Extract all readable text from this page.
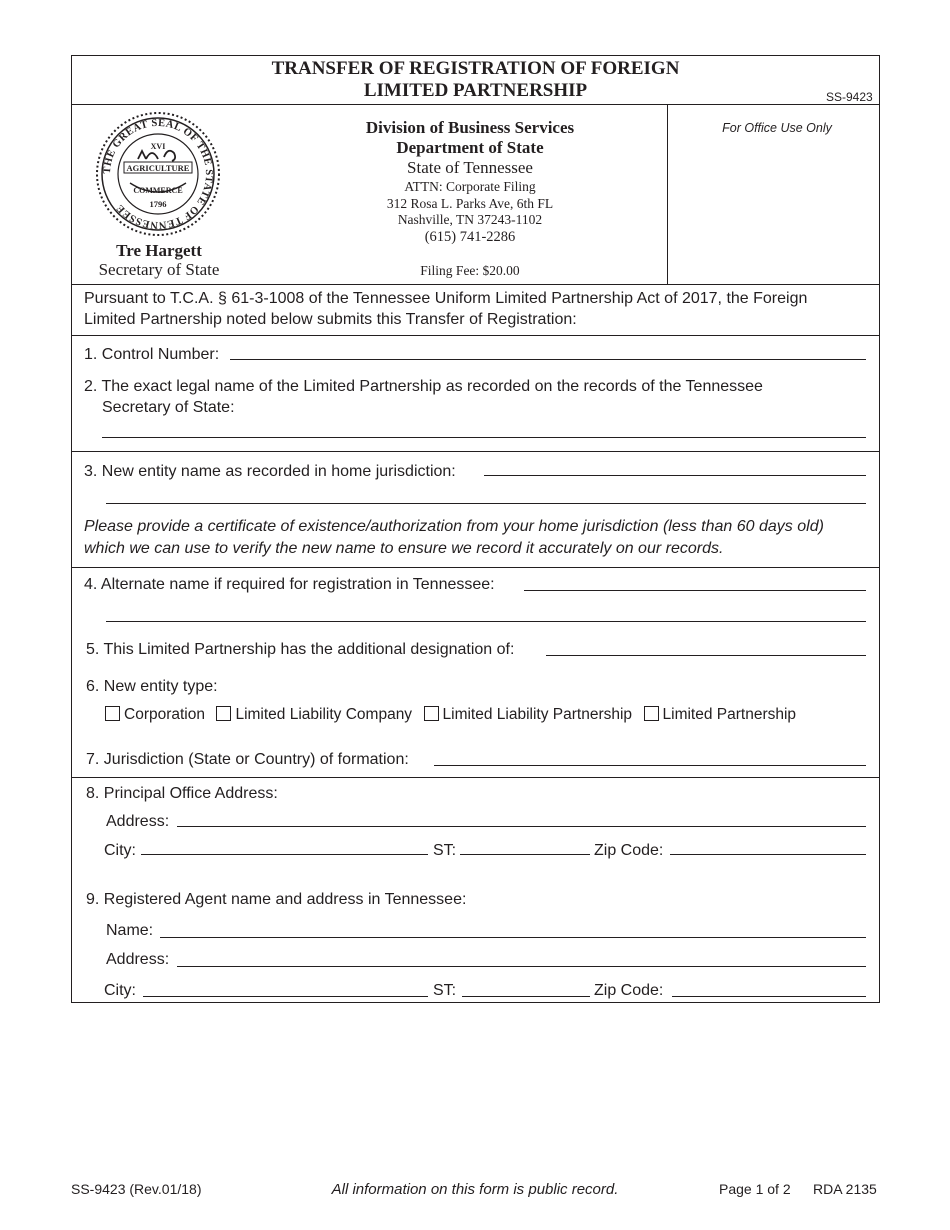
TRANSFER OF REGISTRATION OF FOREIGN
LIMITED PARTNERSHIP	SS-9423
THE GREAT SEAL OF THE STATE OF TENNESSEE
XVI
AGRICULTURE
COMMERCE
1796
Tre Hargett
Secretary of State
Division of Business Services
Department of State
State of Tennessee
ATTN: Corporate Filing
312 Rosa L. Parks Ave, 6th FL
Nashville, TN 37243-1102
(615) 741-2286
Filing Fee: $20.00
For Office Use Only
Pursuant to T.C.A. § 61-3-1008 of the Tennessee Uniform Limited Partnership Act of 2017, the Foreign
Limited Partnership noted below submits this Transfer of Registration:
1. Control Number:
2. The exact legal name of the Limited Partnership as recorded on the records of the Tennessee
Secretary of State:
3. New entity name as recorded in home jurisdiction:
Please provide a certificate of existence/authorization from your home jurisdiction (less than 60 days old)
which we can use to verify the new name to ensure we record it accurately on our records.
4. Alternate name if required for registration in Tennessee:
5. This Limited Partnership has the additional designation of:
6. New entity type:
Corporation Limited Liability Company Limited Liability Partnership Limited Partnership
7. Jurisdiction (State or Country) of formation:
8. Principal Office Address:
Address:
City:	ST:	Zip Code:
9. Registered Agent name and address in Tennessee:
Name:
Address:
City:	ST:	Zip Code:
SS-9423 (Rev.01/18)	All information on this form is public record.	Page 1 of 2 RDA 2135
